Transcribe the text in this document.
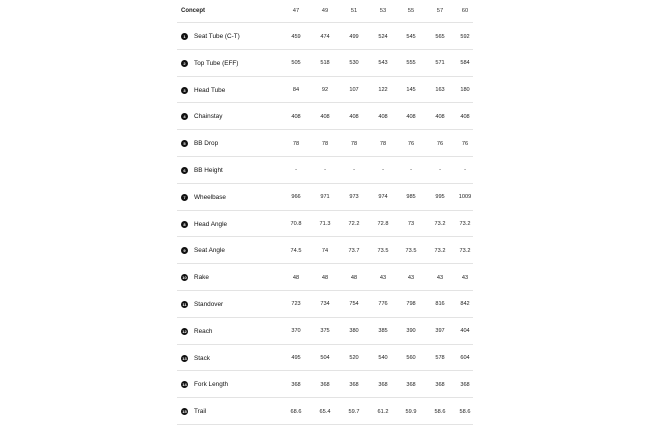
Concept	47	49	51	53	55	57	60
1	Seat Tube (C-T)	459	474	499	524	545	565	592
2	Top Tube (EFF)	505	518	530	543	555	571	584
3	Head Tube	84	92	107	122	145	163	180
4	Chainstay	408	408	408	408	408	408	408
5	BB Drop	78	78	78	78	76	76	76
6	BB Height	-	-	-	-	-	-	-
7	Wheelbase	966	971	973	974	985	995	1009
8	Head Angle	70.8	71.3	72.2	72.8	73	73.2	73.2
9	Seat Angle	74.5	74	73.7	73.5	73.5	73.2	73.2
10 Rake	48	48	48	43	43	43	43
11 Standover	723	734	754	776	798	816	842
12 Reach	370	375	380	385	390	397	404
13 Stack	495	504	520	540	560	578	604
14 Fork Length	368	368	368	368	368	368	368
15 Trail	68.6	65.4	59.7	61.2	59.9	58.6	58.6
